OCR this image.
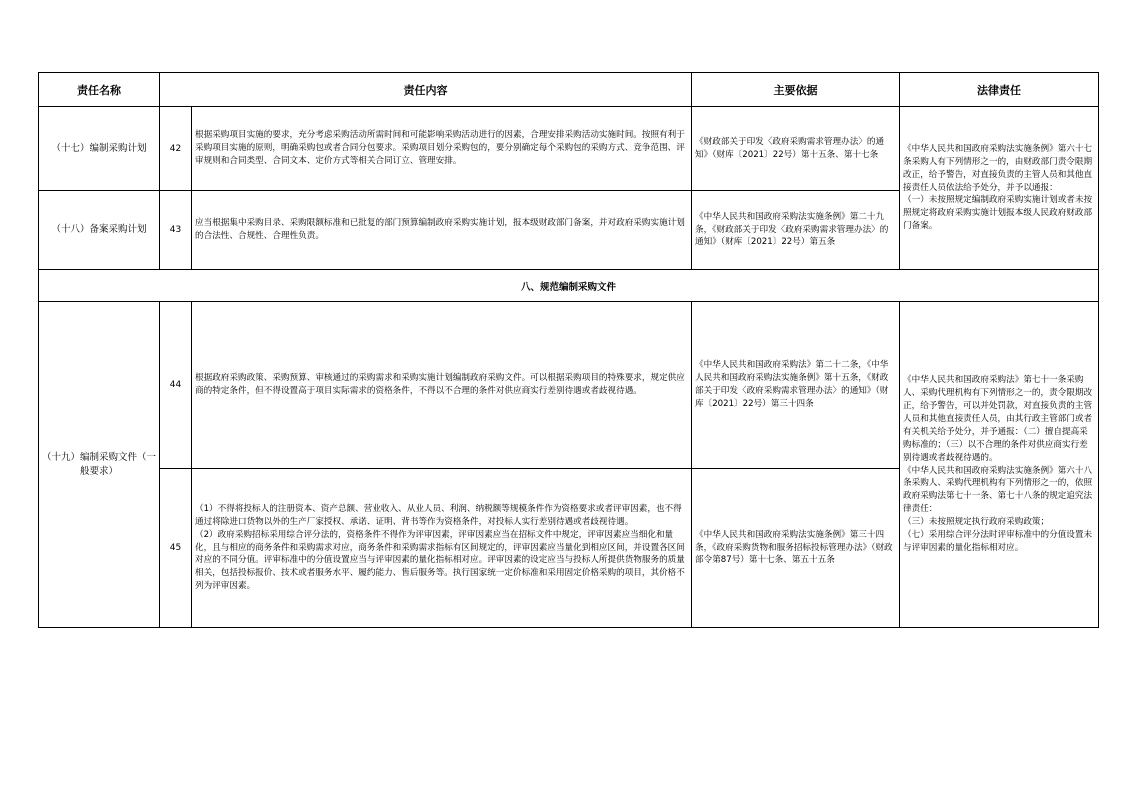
责任名称	责任内容		主要依据	法律责任
（十七）编制采购计划	42	根据采购项目实施的要求，充分考虑采购活动所需时间和可能影响采购活动进行的因素，合理安排采购活动实施时间。按照有利于采购项目实施的原则，明确采购包或者合同分包要求。采购项目划分采购包的，要分别确定每个采购包的采购方式、竞争范围、评审规则和合同类型、合同文本、定价方式等相关合同订立、管理安排。	《财政部关于印发〈政府采购需求管理办法〉的通知》（财库〔2021〕22号）第十五条、第十七条	《中华人民共和国政府采购法实施条例》第六十七条采购人有下列情形之一的，由财政部门责令限期改正，给予警告，对直接负责的主管人员和其他直接责任人员依法给予处分，并予以通报：
（一）未按照规定编制政府采购实施计划或者未按照规定将政府采购实施计划报本级人民政府财政部门备案。
（十八）备案采购计划	43	应当根据集中采购目录、采购限额标准和已批复的部门预算编制政府采购实施计划，报本级财政部门备案，并对政府采购实施计划的合法性、合规性、合理性负责。	《中华人民共和国政府采购法实施条例》第二十九条，《财政部关于印发〈政府采购需求管理办法〉的通知》（财库〔2021〕22号）第五条	
八、规范编制采购文件				
（十九）编制采购文件（一般要求）	44	根据政府采购政策、采购预算、审核通过的采购需求和采购实施计划编制政府采购文件。可以根据采购项目的特殊要求，规定供应商的特定条件，但不得设置高于项目实际需求的资格条件，不得以不合理的条件对供应商实行差别待遇或者歧视待遇。	《中华人民共和国政府采购法》第二十二条，《中华人民共和国政府采购法实施条例》第十五条，《财政部关于印发〈政府采购需求管理办法〉的通知》（财库〔2021〕22号）第三十四条	《中华人民共和国政府采购法》第七十一条采购人、采购代理机构有下列情形之一的，责令限期改正，给予警告，可以并处罚款，对直接负责的主管人员和其他直接责任人员，由其行政主管部门或者有关机关给予处分，并予通报：（二）擅自提高采购标准的；（三）以不合理的条件对供应商实行差别待遇或者歧视待遇的。
《中华人民共和国政府采购法实施条例》第六十八条采购人、采购代理机构有下列情形之一的，依照政府采购法第七十一条、第七十八条的规定追究法律责任：
（三）未按照规定执行政府采购政策；
（七）采用综合评分法时评审标准中的分值设置未与评审因素的量化指标相对应。
	45	（1）不得将投标人的注册资本、资产总额、营业收入、从业人员、利润、纳税额等规模条件作为资格要求或者评审因素，也不得通过将除进口货物以外的生产厂家授权、承诺、证明、背书等作为资格条件，对投标人实行差别待遇或者歧视待遇。
（2）政府采购招标采用综合评分法的，资格条件不得作为评审因素，评审因素应当在招标文件中规定，评审因素应当细化和量化，且与相应的商务条件和采购需求对应，商务条件和采购需求指标有区间规定的，评审因素应当量化到相应区间，并设置各区间对应的不同分值。评审标准中的分值设置应当与评审因素的量化指标相对应。评审因素的设定应当与投标人所提供货物服务的质量相关，包括投标报价、技术或者服务水平、履约能力、售后服务等。执行国家统一定价标准和采用固定价格采购的项目，其价格不列为评审因素。	《中华人民共和国政府采购法实施条例》第三十四条，《政府采购货物和服务招标投标管理办法》（财政部令第87号）第十七条、第五十五条	
